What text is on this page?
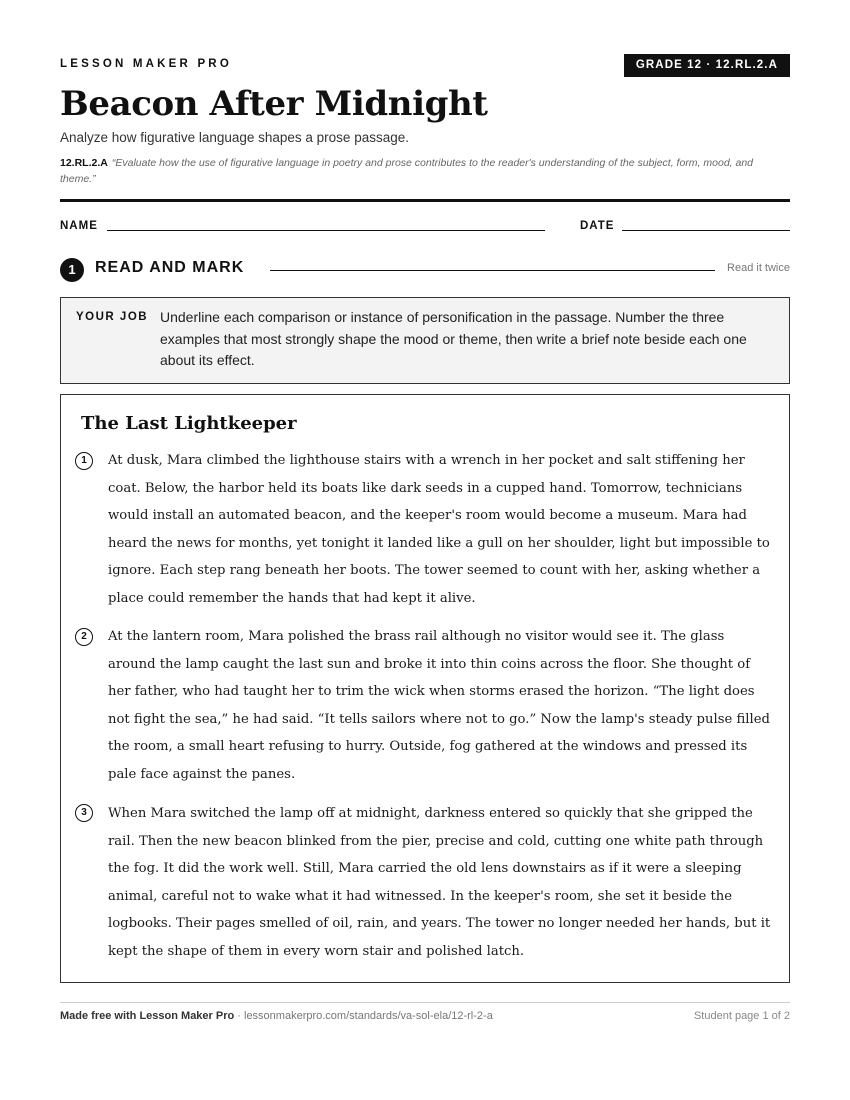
LESSON MAKER PRO	GRADE 12 · 12.RL.2.A
Beacon After Midnight
Analyze how figurative language shapes a prose passage.
12.RL.2.A “Evaluate how the use of figurative language in poetry and prose contributes to the reader's understanding of the subject, form, mood, and theme.”
NAME	DATE
1	READ AND MARK	Read it twice
YOUR JOB Underline each comparison or instance of personification in the passage. Number the three examples that most strongly shape the mood or theme, then write a brief note beside each one about its effect.
The Last Lightkeeper
1	At dusk, Mara climbed the lighthouse stairs with a wrench in her pocket and salt stiffening her coat. Below, the harbor held its boats like dark seeds in a cupped hand. Tomorrow, technicians would install an automated beacon, and the keeper's room would become a museum. Mara had heard the news for months, yet tonight it landed like a gull on her shoulder, light but impossible to ignore. Each step rang beneath her boots. The tower seemed to count with her, asking whether a place could remember the hands that had kept it alive.
2	At the lantern room, Mara polished the brass rail although no visitor would see it. The glass around the lamp caught the last sun and broke it into thin coins across the floor. She thought of her father, who had taught her to trim the wick when storms erased the horizon. “The light does not fight the sea,” he had said. “It tells sailors where not to go.” Now the lamp's steady pulse filled the room, a small heart refusing to hurry. Outside, fog gathered at the windows and pressed its pale face against the panes.
3	When Mara switched the lamp off at midnight, darkness entered so quickly that she gripped the rail. Then the new beacon blinked from the pier, precise and cold, cutting one white path through the fog. It did the work well. Still, Mara carried the old lens downstairs as if it were a sleeping animal, careful not to wake what it had witnessed. In the keeper's room, she set it beside the logbooks. Their pages smelled of oil, rain, and years. The tower no longer needed her hands, but it kept the shape of them in every worn stair and polished latch.
Made free with Lesson Maker Pro · lessonmakerpro.com/standards/va-sol-ela/12-rl-2-a	Student page 1 of 2
